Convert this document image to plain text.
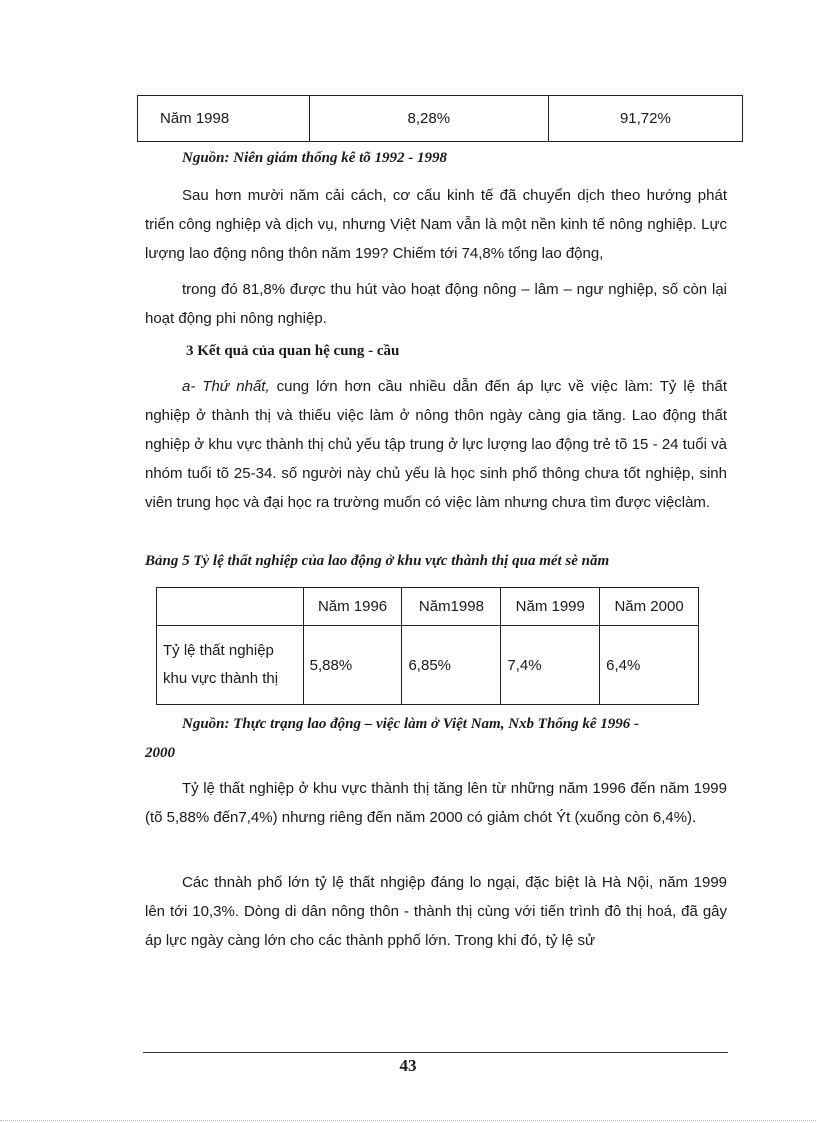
Năm 1998	8,28%	91,72%
Nguồn: Niên giám thống kê tõ 1992 - 1998

Sau hơn mười năm cải cách, cơ cấu kinh tế đã chuyển dịch theo hướng phát triển công nghiệp và dịch vụ, nhưng Việt Nam vẫn là một nền kinh tế nông nghiệp. Lực lượng lao động nông thôn năm 199? Chiếm tới 74,8% tổng lao động,

trong đó 81,8% được thu hút vào hoạt động nông – lâm – ngư nghiệp, số còn lại hoạt động phi nông nghiệp.

3 Kết quả của quan hệ cung - cầu

a- Thứ nhất, cung lớn hơn cầu nhiều dẫn đến áp lực về việc làm: Tỷ lệ thất nghiệp ở thành thị và thiếu việc làm ở nông thôn ngày càng gia tăng. Lao động thất nghiệp ở khu vực thành thị chủ yếu tập trung ở lực lượng lao động trẻ tõ 15 - 24 tuổi và nhóm tuổi tõ 25-34. số người này chủ yếu là học sinh phổ thông chưa tốt nghiệp, sinh viên trung học và đại học ra trường muốn có việc làm nhưng chưa tìm được việclàm.

Bảng 5 Tỷ lệ thất nghiệp của lao động ở khu vực thành thị qua mét sè năm
	Năm 1996	Năm1998	Năm 1999	Năm 2000
Tỷ lệ thất nghiệp khu vực thành thị	5,88%	6,85%	7,4%	6,4%
Nguồn: Thực trạng lao động – việc làm ở Việt Nam, Nxb Thống kê 1996 -
2000

Tỷ lệ thất nghiệp ở khu vực thành thị tăng lên từ những năm 1996 đến năm 1999 (tõ 5,88% đến7,4%) nhưng riêng đến năm 2000 có giảm chót Ýt (xuống còn 6,4%).

Các thnàh phố lớn tỷ lệ thất nhgiệp đáng lo ngại, đặc biệt là Hà Nội, năm 1999 lên tới 10,3%. Dòng di dân nông thôn - thành thị cùng với tiến trình đô thị hoá, đã gây áp lực ngày càng lớn cho các thành pphố lớn. Trong khi đó, tỷ lệ sử

43
